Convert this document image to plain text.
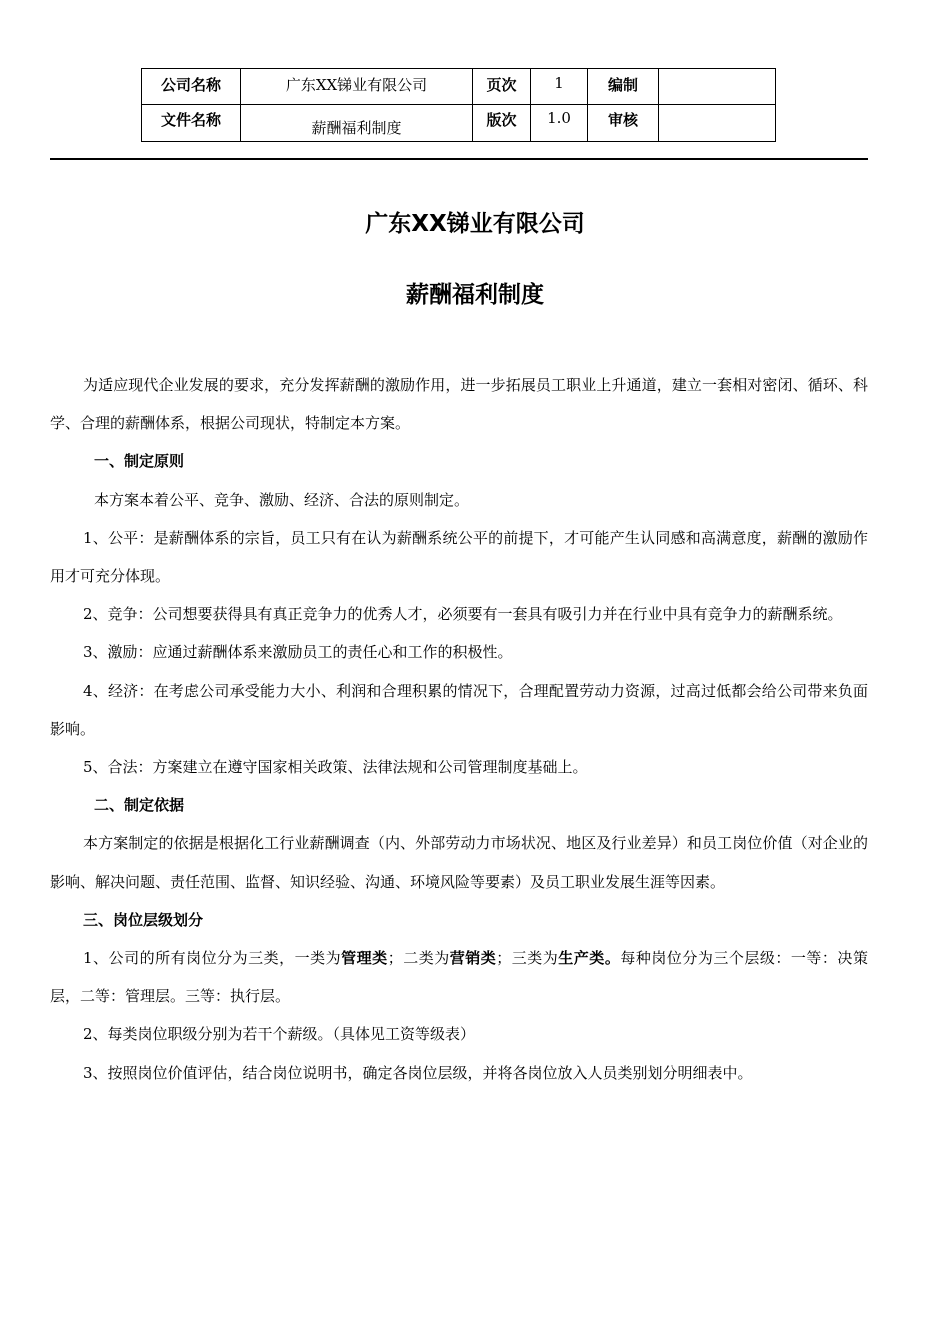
公司名称	广东XX锑业有限公司	页次	1	编制	
文件名称	薪酬福利制度	版次	1.0	审核	
广东XX锑业有限公司
薪酬福利制度

为适应现代企业发展的要求，充分发挥薪酬的激励作用，进一步拓展员工职业上升通道，建立一套相对密闭、循环、科学、合理的薪酬体系，根据公司现状，特制定本方案。

一、制定原则

本方案本着公平、竞争、激励、经济、合法的原则制定。

1、公平：是薪酬体系的宗旨，员工只有在认为薪酬系统公平的前提下，才可能产生认同感和高满意度，薪酬的激励作用才可充分体现。

2、竞争：公司想要获得具有真正竞争力的优秀人才，必须要有一套具有吸引力并在行业中具有竞争力的薪酬系统。

3、激励：应通过薪酬体系来激励员工的责任心和工作的积极性。

4、经济：在考虑公司承受能力大小、利润和合理积累的情况下，合理配置劳动力资源，过高过低都会给公司带来负面影响。

5、合法：方案建立在遵守国家相关政策、法律法规和公司管理制度基础上。

二、制定依据

本方案制定的依据是根据化工行业薪酬调查（内、外部劳动力市场状况、地区及行业差异）和员工岗位价值（对企业的影响、解决问题、责任范围、监督、知识经验、沟通、环境风险等要素）及员工职业发展生涯等因素。

三、岗位层级划分

1、公司的所有岗位分为三类，一类为管理类；二类为营销类；三类为生产类。每种岗位分为三个层级：一等：决策层，二等：管理层。三等：执行层。

2、每类岗位职级分别为若干个薪级。（具体见工资等级表）

3、按照岗位价值评估，结合岗位说明书，确定各岗位层级，并将各岗位放入人员类别划分明细表中。
